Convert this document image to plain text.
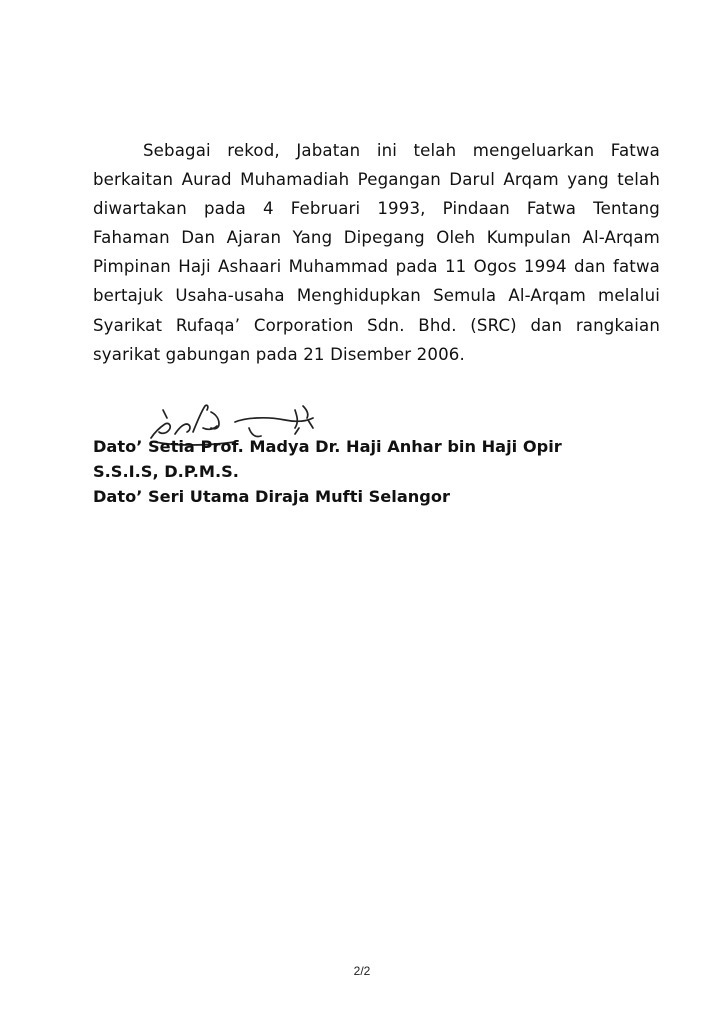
Sebagai rekod, Jabatan ini telah mengeluarkan Fatwa berkaitan Aurad Muhamadiah Pegangan Darul Arqam yang telah diwartakan pada 4 Februari 1993, Pindaan Fatwa Tentang Fahaman Dan Ajaran Yang Dipegang Oleh Kumpulan Al-Arqam Pimpinan Haji Ashaari Muhammad pada 11 Ogos 1994 dan fatwa bertajuk Usaha-usaha Menghidupkan Semula Al-Arqam melalui Syarikat Rufaqa’ Corporation Sdn. Bhd. (SRC) dan rangkaian syarikat gabungan pada 21 Disember 2006.

Dato’ Setia Prof. Madya Dr. Haji Anhar bin Haji Opir
S.S.I.S, D.P.M.S.
Dato’ Seri Utama Diraja Mufti Selangor
2/2
